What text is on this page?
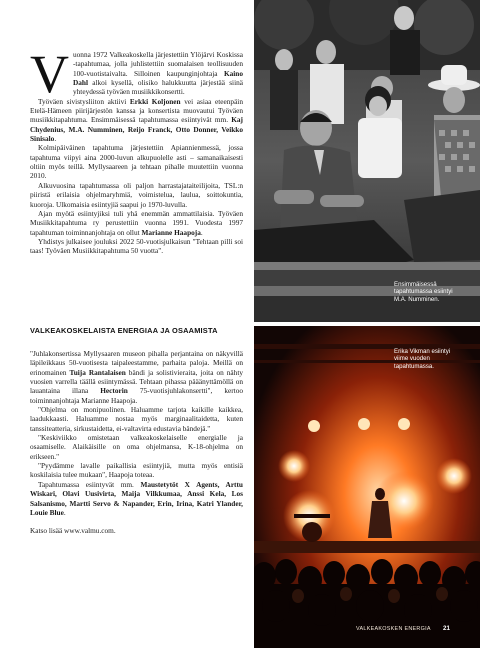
V uonna 1972 Valkeakoskella järjestettiin Ylöjärvi Koskissa -tapahtumaa, jolla juhlistettiin suomalaisen teollisuuden 100-vuotistaivalta. Silloinen kaupunginjohtaja Kaino Dahl alkoi kysellä, olisiko halukkuutta järjestää siinä yhteydessä työväen musiikkikonsertti.

Työväen sivistysliiton aktiivi Erkki Koljonen vei asiaa eteenpäin Etelä-Hämeen piirijärjestön kanssa ja konsertista muovautui Työväen musiikkitapahtuma. Ensimmäisessä tapahtumassa esiintyivät mm. Kaj Chydenius, M.A. Numminen, Reijo Franck, Otto Donner, Veikko Sinisalo.

Kolmipäiväinen tapahtuma järjestettiin Apiannienmessä, jossa tapahtuma viipyi aina 2000-luvun alkupuolelle asti – samanaikaisesti oltiin myös teillä. Myllysaareen ja tehtaan pihalle muutettiin vuonna 2010.

Alkuvuosina tapahtumassa oli paljon harrastajataiteilijoita, TSL:n piiristä erilaisia ohjelmaryhmiä, voimistelua, laulua, soittokuntia, kuoroja. Ulkomaisia esiintyjiä saapui jo 1970-luvulla.

Ajan myötä esiintyjiksi tuli yhä enemmän ammattilaisia. Työväen Musiikkitapahtuma ry perustettiin vuonna 1991. Vuodesta 1997 tapahtuman toiminnanjohtaja on ollut Marianne Haapoja.

Yhdistys julkaisee jouluksi 2022 50-vuotisjulkaisun "Tehtaan pilli soi taas! Työväen Musiikkitapahtuma 50 vuotta".

VALKEAKOSKELAISTA ENERGIAA JA OSAAMISTA

"Juhlakonsertissa Myllysaaren museon pihalla perjantaina on näkyvillä läpileikkaus 50-vuotisesta taipaleestamme, parhaita paloja. Meillä on erinomainen Tuija Rantalaisen bändi ja solistivieraita, joita on nähty vuosien varrella täällä esiintymässä. Tehtaan pihassa pääänyttämöllä on lauantaina illana Hectorin 75-vuotisjuhlakonsertti", kertoo toiminnanjohtaja Marianne Haapoja.

"Ohjelma on monipuolinen. Haluamme tarjota kaikille kaikkea, laadukkaasti. Haluamme nostaa myös marginaalitaidetta, kuten tanssiteatteria, sirkustaidetta, ei-valtavirta edustavia bändejä."

"Keskiviikko omistetaan valkeakoskelaiselle energialle ja osaamiselle. Alaikäisille on oma ohjelmansa, K-18-ohjelma on erikseen."

"Pyydämme lavalle paikallisia esiintyjiä, mutta myös entisiä koskilaisia tulee mukaan", Haapoja toteaa.

Tapahtumassa esiintyvät mm. Maustetytöt X Agents, Arttu Wiskari, Olavi Uusivirta, Maija Vilkkumaa, Anssi Kela, Los Salsanismo, Martti Servo & Napander, Erin, Irina, Katri Ylander, Louie Blue.

Katso lisää www.valmu.com.

Ensimmäisessä tapahtumassa esiintyi M.A. Numminen.
Erika Vikman esiintyi viime vuoden tapahtumassa.
VALKEAKOSKEN ENERGIA 21
